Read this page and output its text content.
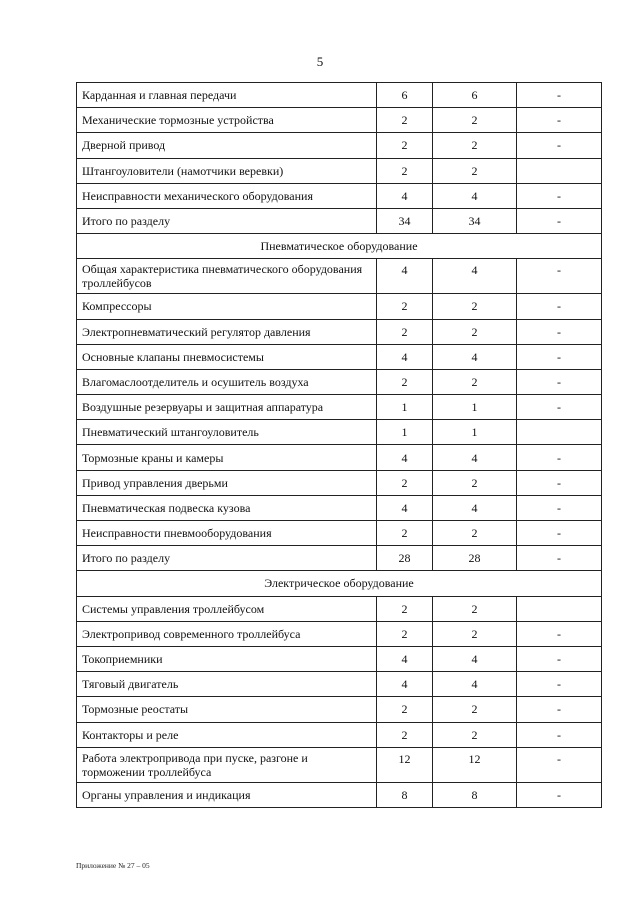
5
Карданная и главная передачи	6	6	-
Механические тормозные устройства	2	2	-
Дверной привод	2	2	-
Штангоуловители (намотчики веревки)	2	2	
Неисправности механического оборудования	4	4	-
Итого по разделу	34	34	-
Пневматическое оборудование			
Общая характеристика пневматического оборудования троллейбусов	4	4	-
Компрессоры	2	2	-
Электропневматический регулятор давления	2	2	-
Основные клапаны пневмосистемы	4	4	-
Влагомаслоотделитель и осушитель воздуха	2	2	-
Воздушные резервуары и защитная аппаратура	1	1	-
Пневматический штангоуловитель	1	1	
Тормозные краны и камеры	4	4	-
Привод управления дверьми	2	2	-
Пневматическая подвеска кузова	4	4	-
Неисправности пневмооборудования	2	2	-
Итого по разделу	28	28	-
Электрическое оборудование			
Системы управления троллейбусом	2	2	
Электропривод современного троллейбуса	2	2	-
Токоприемники	4	4	-
Тяговый двигатель	4	4	-
Тормозные реостаты	2	2	-
Контакторы и реле	2	2	-
Работа электропривода при пуске, разгоне и торможении троллейбуса	12	12	-
Органы управления и индикация	8	8	-
Приложение № 27 – 05
